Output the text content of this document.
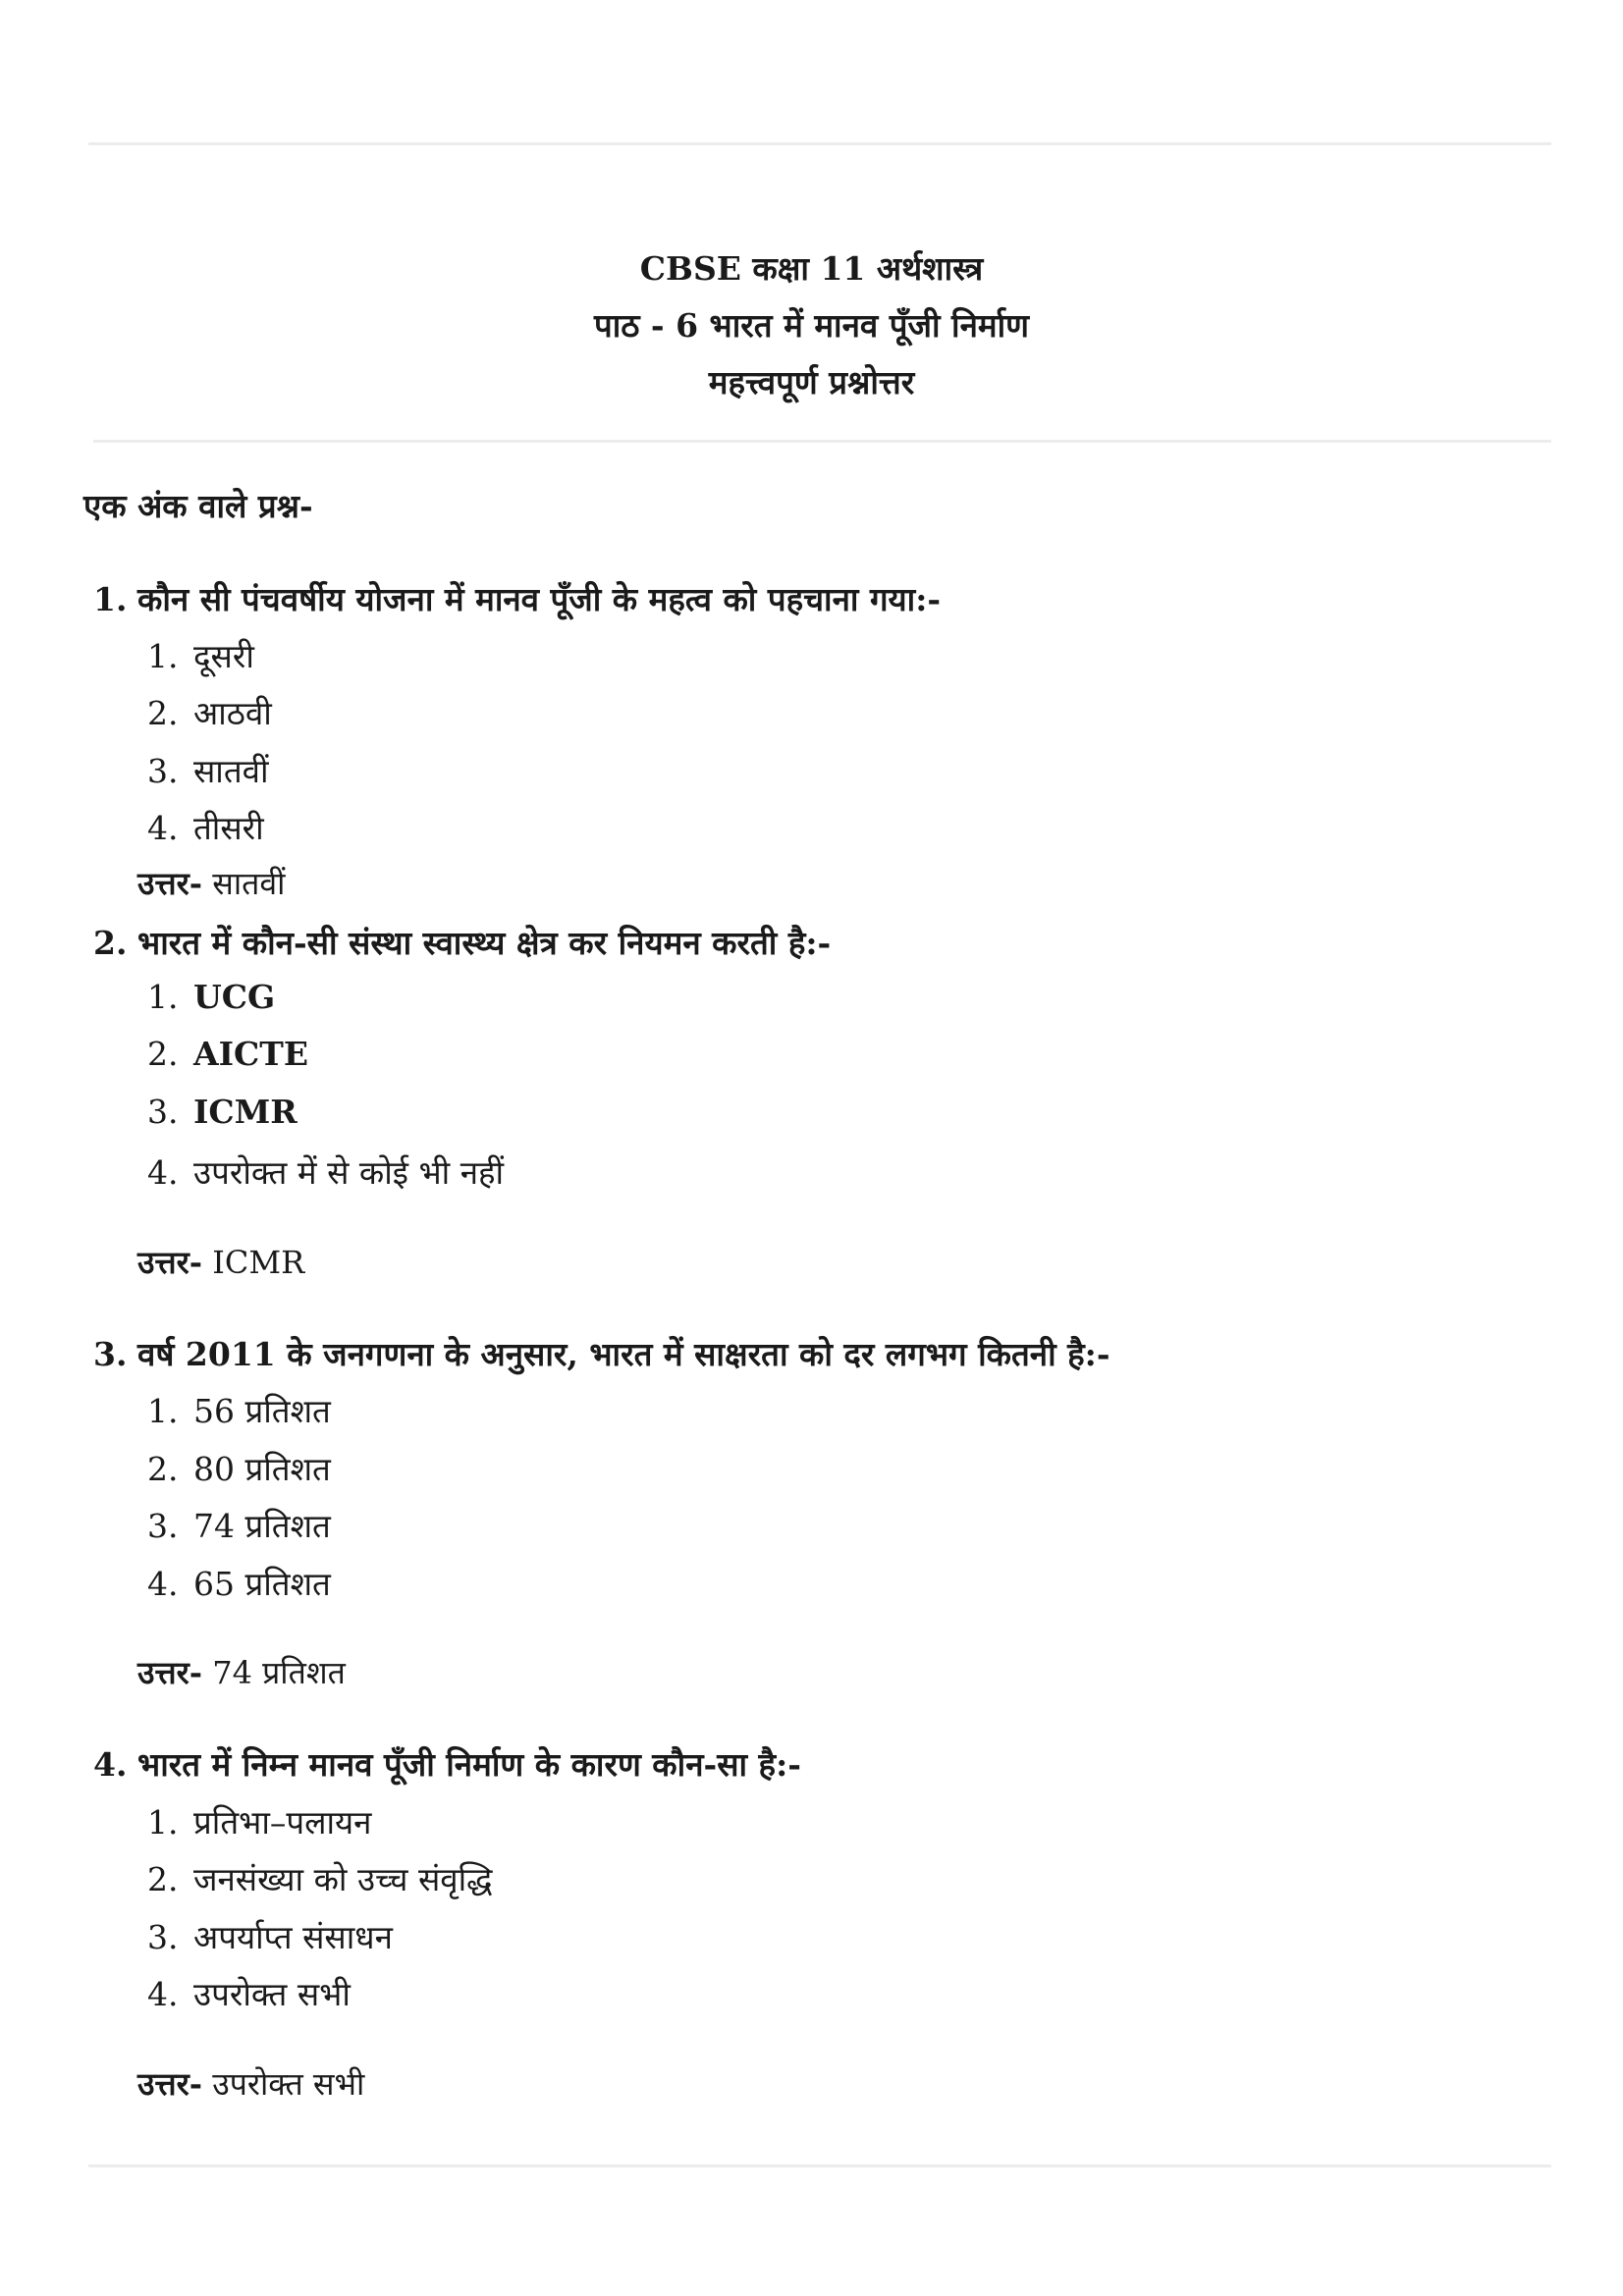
CBSE कक्षा 11 अर्थशास्त्र
पाठ - 6 भारत में मानव पूँजी निर्माण
महत्त्वपूर्ण प्रश्नोत्तर
एक अंक वाले प्रश्न-
1. कौन सी पंचवर्षीय योजना में मानव पूँजी के महत्व को पहचाना गया:-
1. दूसरी
2. आठवी
3. सातवीं
4. तीसरी
उत्तर- सातवीं
2. भारत में कौन-सी संस्था स्वास्थ्य क्षेत्र कर नियमन करती है:-
1. UCG
2. AICTE
3. ICMR
4. उपरोक्त में से कोई भी नहीं
उत्तर- ICMR
3. वर्ष 2011 के जनगणना के अनुसार, भारत में साक्षरता को दर लगभग कितनी है:-
1. 56 प्रतिशत
2. 80 प्रतिशत
3. 74 प्रतिशत
4. 65 प्रतिशत
उत्तर- 74 प्रतिशत
4. भारत में निम्न मानव पूँजी निर्माण के कारण कौन-सा है:-
1. प्रतिभा–पलायन
2. जनसंख्या को उच्च संवृद्धि
3. अपर्याप्त संसाधन
4. उपरोक्त सभी
उत्तर- उपरोक्त सभी
